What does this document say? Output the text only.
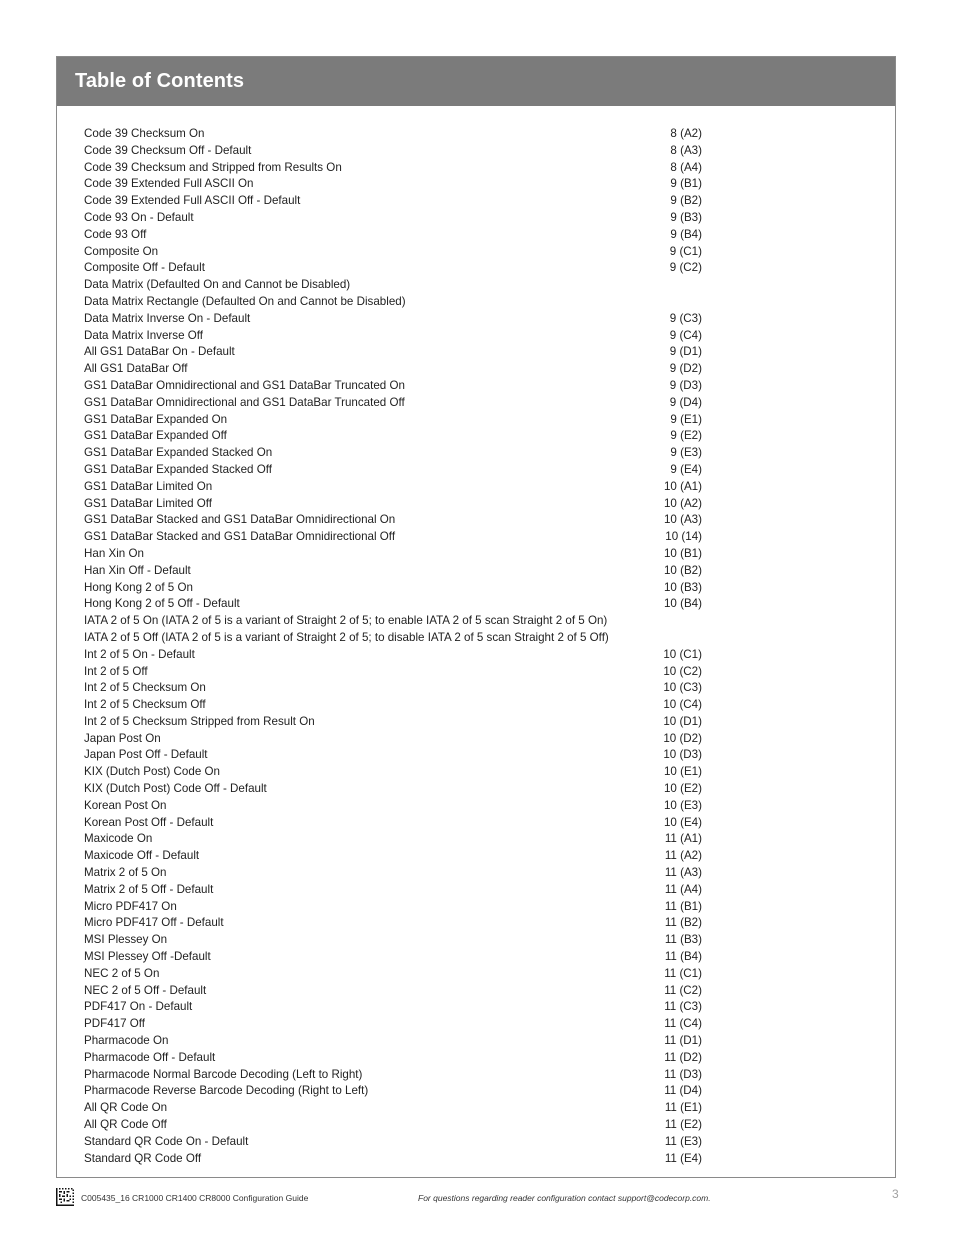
Table of Contents
Code 39 Checksum On	8 (A2)
Code 39 Checksum Off - Default	8 (A3)
Code 39 Checksum and Stripped from Results On	8 (A4)
Code 39 Extended Full ASCII On	9 (B1)
Code 39 Extended Full ASCII Off - Default	9 (B2)
Code 93 On - Default	9 (B3)
Code 93 Off	9 (B4)
Composite On	9 (C1)
Composite Off - Default	9 (C2)
Data Matrix (Defaulted On and Cannot be Disabled)
Data Matrix Rectangle (Defaulted On and Cannot be Disabled)
Data Matrix Inverse On - Default	9 (C3)
Data Matrix Inverse Off	9 (C4)
All GS1 DataBar On - Default	9 (D1)
All GS1 DataBar Off	9 (D2)
GS1 DataBar Omnidirectional and GS1 DataBar Truncated On	9 (D3)
GS1 DataBar Omnidirectional and GS1 DataBar Truncated Off	9 (D4)
GS1 DataBar Expanded On	9 (E1)
GS1 DataBar Expanded Off	9 (E2)
GS1 DataBar Expanded Stacked On	9 (E3)
GS1 DataBar Expanded Stacked Off	9 (E4)
GS1 DataBar Limited On	10 (A1)
GS1 DataBar Limited Off	10 (A2)
GS1 DataBar Stacked and GS1 DataBar Omnidirectional On	10 (A3)
GS1 DataBar Stacked and GS1 DataBar Omnidirectional Off	10 (14)
Han Xin On	10 (B1)
Han Xin Off - Default	10 (B2)
Hong Kong 2 of 5 On	10 (B3)
Hong Kong 2 of 5 Off - Default	10 (B4)
IATA 2 of 5 On (IATA 2 of 5 is a variant of Straight 2 of 5; to enable IATA 2 of 5 scan Straight 2 of 5 On)
IATA 2 of 5 Off (IATA 2 of 5 is a variant of Straight 2 of 5; to disable IATA 2 of 5 scan Straight 2 of 5 Off)
Int 2 of 5 On - Default	10 (C1)
Int 2 of 5 Off	10 (C2)
Int 2 of 5 Checksum On	10 (C3)
Int 2 of 5 Checksum Off	10 (C4)
Int 2 of 5 Checksum Stripped from Result On	10 (D1)
Japan Post On	10 (D2)
Japan Post Off - Default	10 (D3)
KIX (Dutch Post) Code On	10 (E1)
KIX (Dutch Post) Code Off - Default	10 (E2)
Korean Post On	10 (E3)
Korean Post Off - Default	10 (E4)
Maxicode On	11 (A1)
Maxicode Off - Default	11 (A2)
Matrix 2 of 5 On	11 (A3)
Matrix 2 of 5 Off - Default	11 (A4)
Micro PDF417 On	11 (B1)
Micro PDF417 Off - Default	11 (B2)
MSI Plessey On	11 (B3)
MSI Plessey Off -Default	11 (B4)
NEC 2 of 5 On	11 (C1)
NEC 2 of 5 Off - Default	11 (C2)
PDF417 On - Default	11 (C3)
PDF417 Off	11 (C4)
Pharmacode On	11 (D1)
Pharmacode Off - Default	11 (D2)
Pharmacode Normal Barcode Decoding (Left to Right)	11 (D3)
Pharmacode Reverse Barcode Decoding (Right to Left)	11 (D4)
All QR Code On	11 (E1)
All QR Code Off	11 (E2)
Standard QR Code On - Default	11 (E3)
Standard QR Code Off	11 (E4)
C005435_16 CR1000 CR1400 CR8000 Configuration Guide	For questions regarding reader configuration contact support@codecorp.com.	3
